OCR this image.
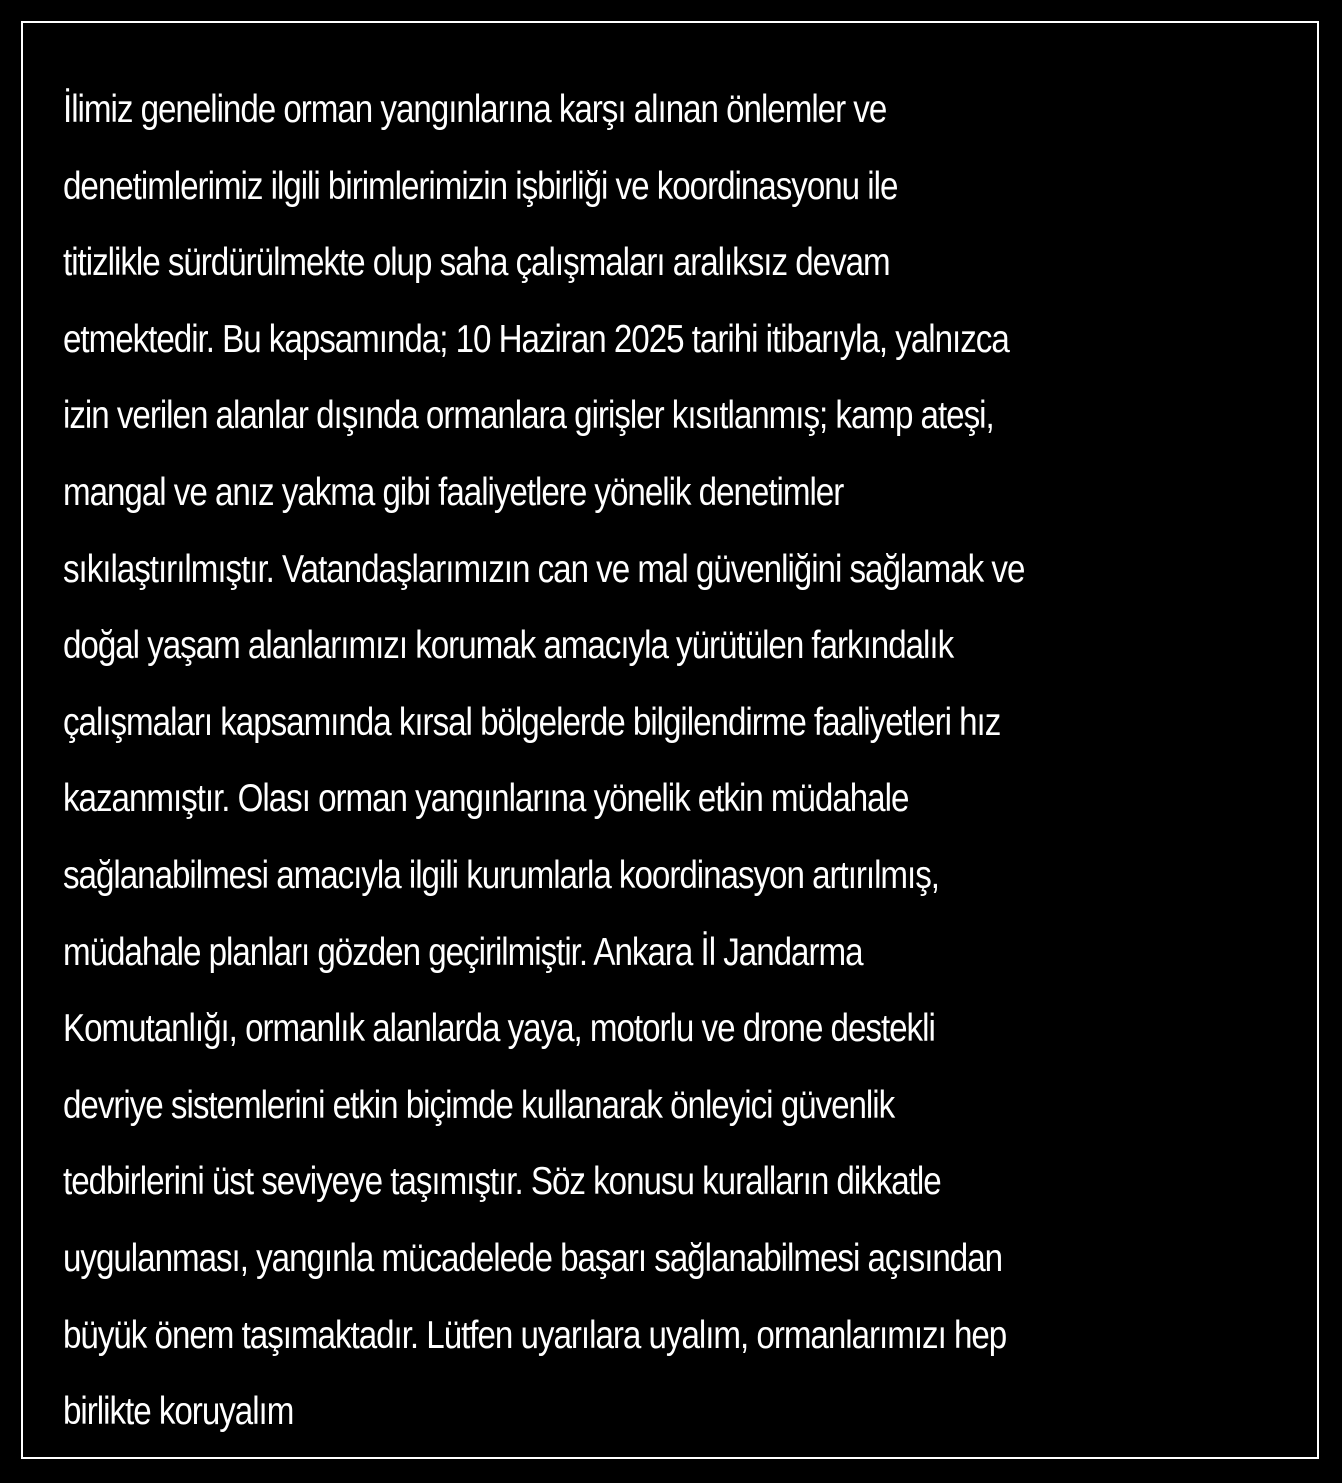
İlimiz genelinde orman yangınlarına karşı alınan önlemler ve
denetimlerimiz ilgili birimlerimizin işbirliği ve koordinasyonu ile
titizlikle sürdürülmekte olup saha çalışmaları aralıksız devam
etmektedir. Bu kapsamında; 10 Haziran 2025 tarihi itibarıyla, yalnızca
izin verilen alanlar dışında ormanlara girişler kısıtlanmış; kamp ateşi,
mangal ve anız yakma gibi faaliyetlere yönelik denetimler
sıkılaştırılmıştır. Vatandaşlarımızın can ve mal güvenliğini sağlamak ve
doğal yaşam alanlarımızı korumak amacıyla yürütülen farkındalık
çalışmaları kapsamında kırsal bölgelerde bilgilendirme faaliyetleri hız
kazanmıştır. Olası orman yangınlarına yönelik etkin müdahale
sağlanabilmesi amacıyla ilgili kurumlarla koordinasyon artırılmış,
müdahale planları gözden geçirilmiştir. Ankara İl Jandarma
Komutanlığı, ormanlık alanlarda yaya, motorlu ve drone destekli
devriye sistemlerini etkin biçimde kullanarak önleyici güvenlik
tedbirlerini üst seviyeye taşımıştır. Söz konusu kuralların dikkatle
uygulanması, yangınla mücadelede başarı sağlanabilmesi açısından
büyük önem taşımaktadır. Lütfen uyarılara uyalım, ormanlarımızı hep
birlikte koruyalım
